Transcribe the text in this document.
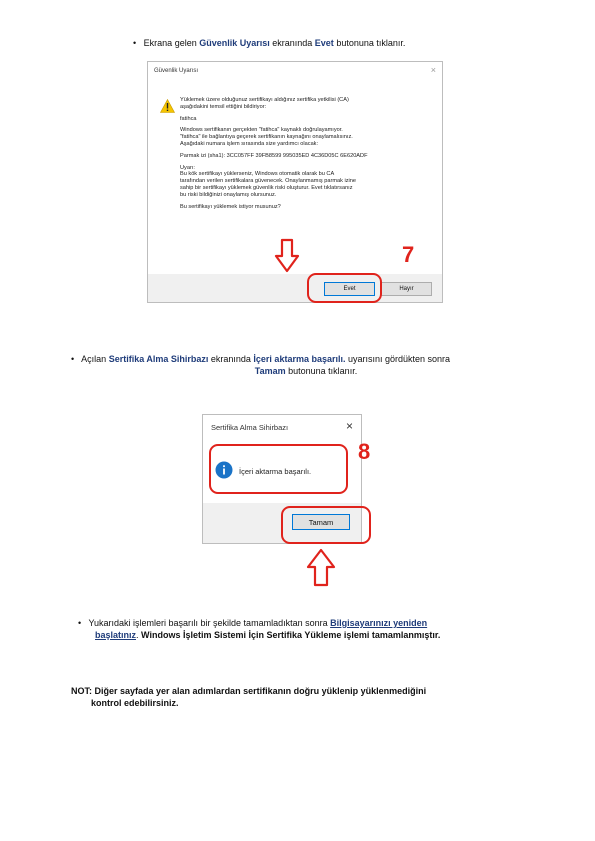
• Ekrana gelen Güvenlik Uyarısı ekranında Evet butonuna tıklanır.
Güvenlik Uyarısı	×

Yüklemek üzere olduğunuz sertifikayı aldığınız sertifika yetkilisi (CA)
aşağıdakini temsil ettiğini bildiriyor:

fatihca

Windows sertifikanın gerçekten "fatihca" kaynaklı doğrulayamıyor.
"fatihca" ile bağlantıya geçerek sertifikanın kaynağını onaylamalısınız.
Aşağıdaki numara işlem sırasında size yardımcı olacak:

Parmak izi (sha1): 3CC057FF 39FB8599 995035ED 4C36D05C 6E620ADF

Uyarı:
Bu kök sertifikayı yüklerseniz, Windows otomatik olarak bu CA
tarafından verilen sertifikalara güvenecek. Onaylanmamış parmak izine
sahip bir sertifikayı yüklemek güvenlik riski oluşturur. Evet tıklatırsanız
bu riski bildiğinizi onaylamış olursunuz.

Bu sertifikayı yüklemek istiyor musunuz?

Evet	Hayır
7
• Açılan Sertifika Alma Sihirbazı ekranında İçeri aktarma başarılı. uyarısını gördükten sonra
Tamam butonuna tıklanır.
Sertifika Alma Sihirbazı	×
İçeri aktarma başarılı.
Tamam
8
• Yukarıdaki işlemleri başarılı bir şekilde tamamladıktan sonra Bilgisayarınızı yeniden
başlatınız. Windows İşletim Sistemi İçin Sertifika Yükleme işlemi tamamlanmıştır.
NOT: Diğer sayfada yer alan adımlardan sertifikanın doğru yüklenip yüklenmediğini
kontrol edebilirsiniz.
